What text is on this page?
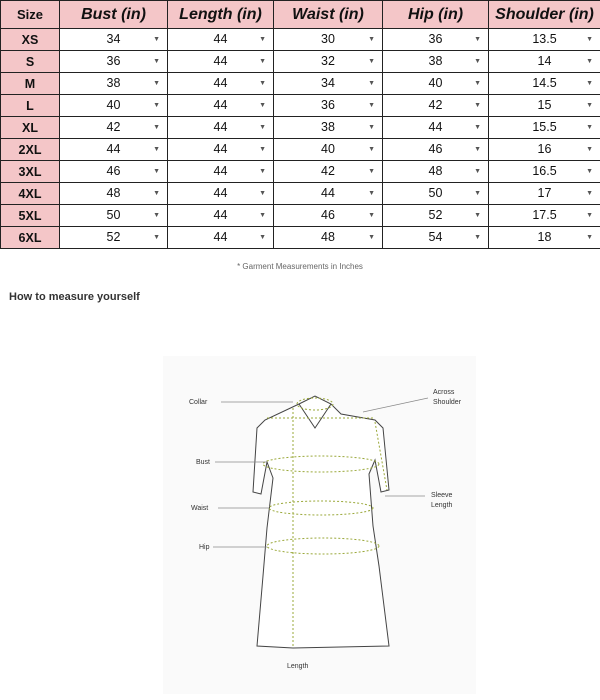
Size	Bust (in)	Length (in)	Waist (in)	Hip (in)	Shoulder (in)
XS	34 ▼	44 ▼	30 ▼	36 ▼	13.5 ▼

S	36 ▼	44 ▼	32 ▼	38 ▼	14 ▼

M	38 ▼	44 ▼	34 ▼	40 ▼	14.5 ▼

L	40 ▼	44 ▼	36 ▼	42 ▼	15 ▼

XL	42 ▼	44 ▼	38 ▼	44 ▼	15.5 ▼

2XL	44 ▼	44 ▼	40 ▼	46 ▼	16 ▼

3XL	46 ▼	44 ▼	42 ▼	48 ▼	16.5 ▼

4XL	48 ▼	44 ▼	44 ▼	50 ▼	17 ▼

5XL	50 ▼	44 ▼	46 ▼	52 ▼	17.5 ▼

6XL	52 ▼	44 ▼	48 ▼	54 ▼	18 ▼
* Garment Measurements in Inches
How to measure yourself
Collar
Across
Shoulder
Bust
Waist
Hip
Sleeve
Length
Length
